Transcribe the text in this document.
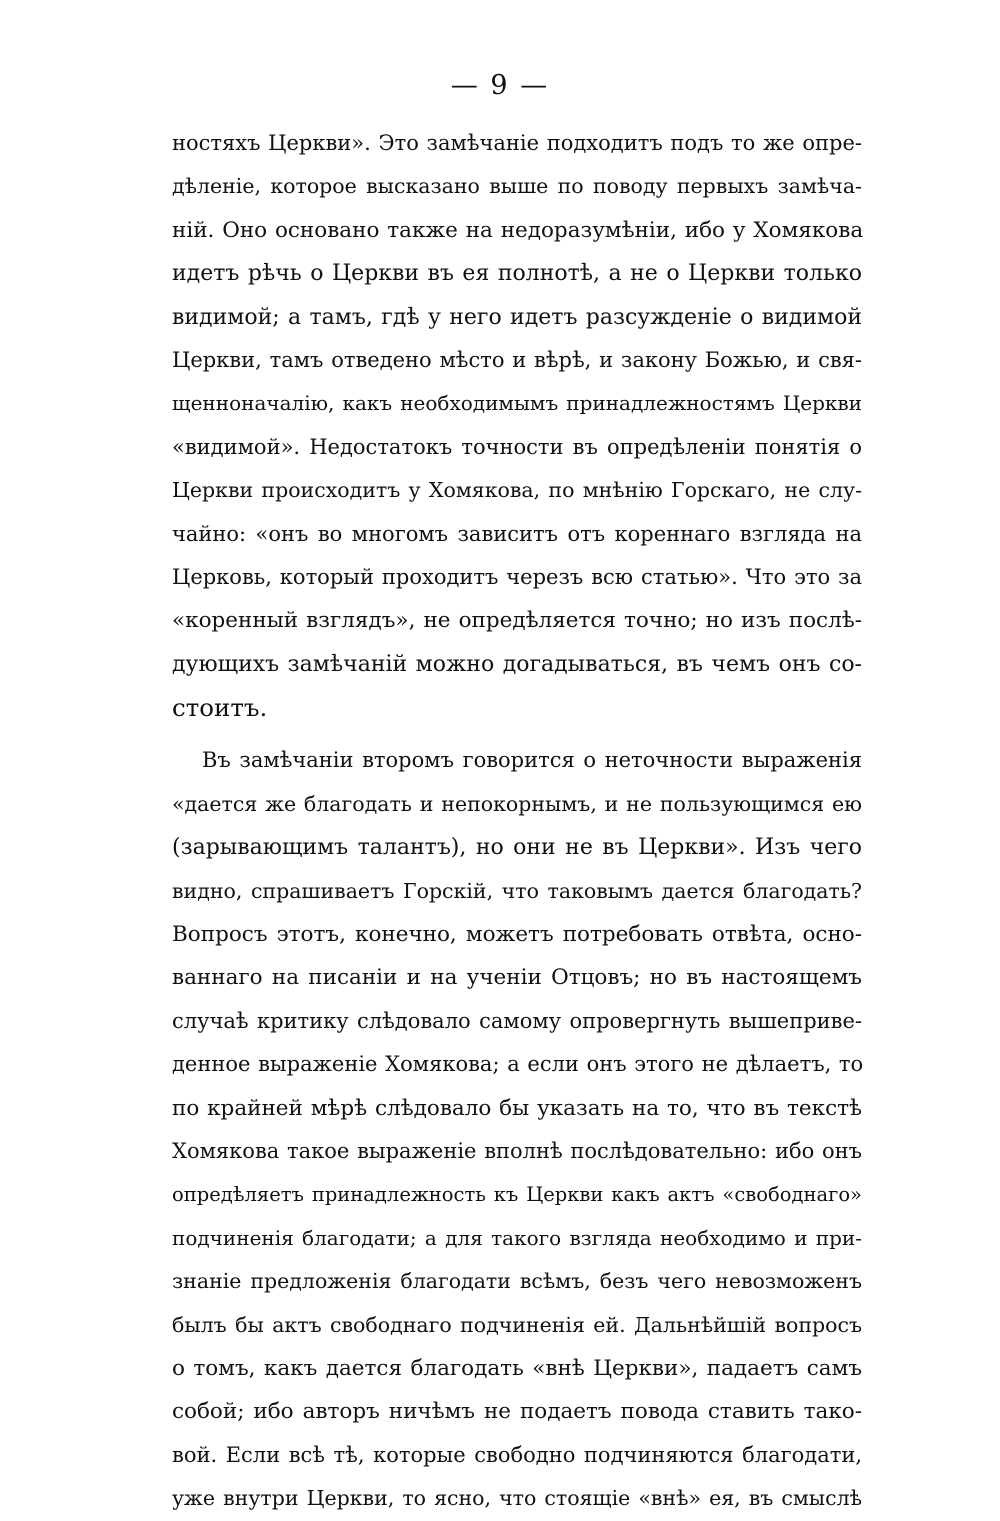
— 9 —
ностяхъ Церкви». Это замѣчаніе подходитъ подъ то же опре-
дѣленіе, которое высказано выше по поводу первыхъ замѣча-
ній. Оно основано также на недоразумѣніи, ибо у Хомякова
идетъ рѣчь о Церкви въ ея полнотѣ, а не о Церкви только
видимой; а тамъ, гдѣ у него идетъ разсужденіе о видимой
Церкви, тамъ отведено мѣсто и вѣрѣ, и закону Божью, и свя-
щенноначалію, какъ необходимымъ принадлежностямъ Церкви
«видимой». Недостатокъ точности въ опредѣленіи понятія о
Церкви происходитъ у Хомякова, по мнѣнію Горскаго, не слу-
чайно: «онъ во многомъ зависитъ отъ кореннаго взгляда на
Церковь, который проходитъ черезъ всю статью». Что это за
«коренный взглядъ», не опредѣляется точно; но изъ послѣ-
дующихъ замѣчаній можно догадываться, въ чемъ онъ со-
стоитъ.
Въ замѣчаніи второмъ говорится о неточности выраженія
«дается же благодать и непокорнымъ, и не пользующимся ею
(зарывающимъ талантъ), но они не въ Церкви». Изъ чего
видно, спрашиваетъ Горскій, что таковымъ дается благодать?
Вопросъ этотъ, конечно, можетъ потребовать отвѣта, осно-
ваннаго на писаніи и на ученіи Отцовъ; но въ настоящемъ
случаѣ критику слѣдовало самому опровергнуть вышеприве-
денное выраженіе Хомякова; а если онъ этого не дѣлаетъ, то
по крайней мѣрѣ слѣдовало бы указать на то, что въ текстѣ
Хомякова такое выраженіе вполнѣ послѣдовательно: ибо онъ
опредѣляетъ принадлежность къ Церкви какъ актъ «свободнаго»
подчиненія благодати; а для такого взгляда необходимо и при-
знаніе предложенія благодати всѣмъ, безъ чего невозможенъ
былъ бы актъ свободнаго подчиненія ей. Дальнѣйшій вопросъ
о томъ, какъ дается благодать «внѣ Церкви», падаетъ самъ
собой; ибо авторъ ничѣмъ не подаетъ повода ставить тако-
вой. Если всѣ тѣ, которые свободно подчиняются благодати,
уже внутри Церкви, то ясно, что стоящіе «внѣ» ея, въ смыслѣ
